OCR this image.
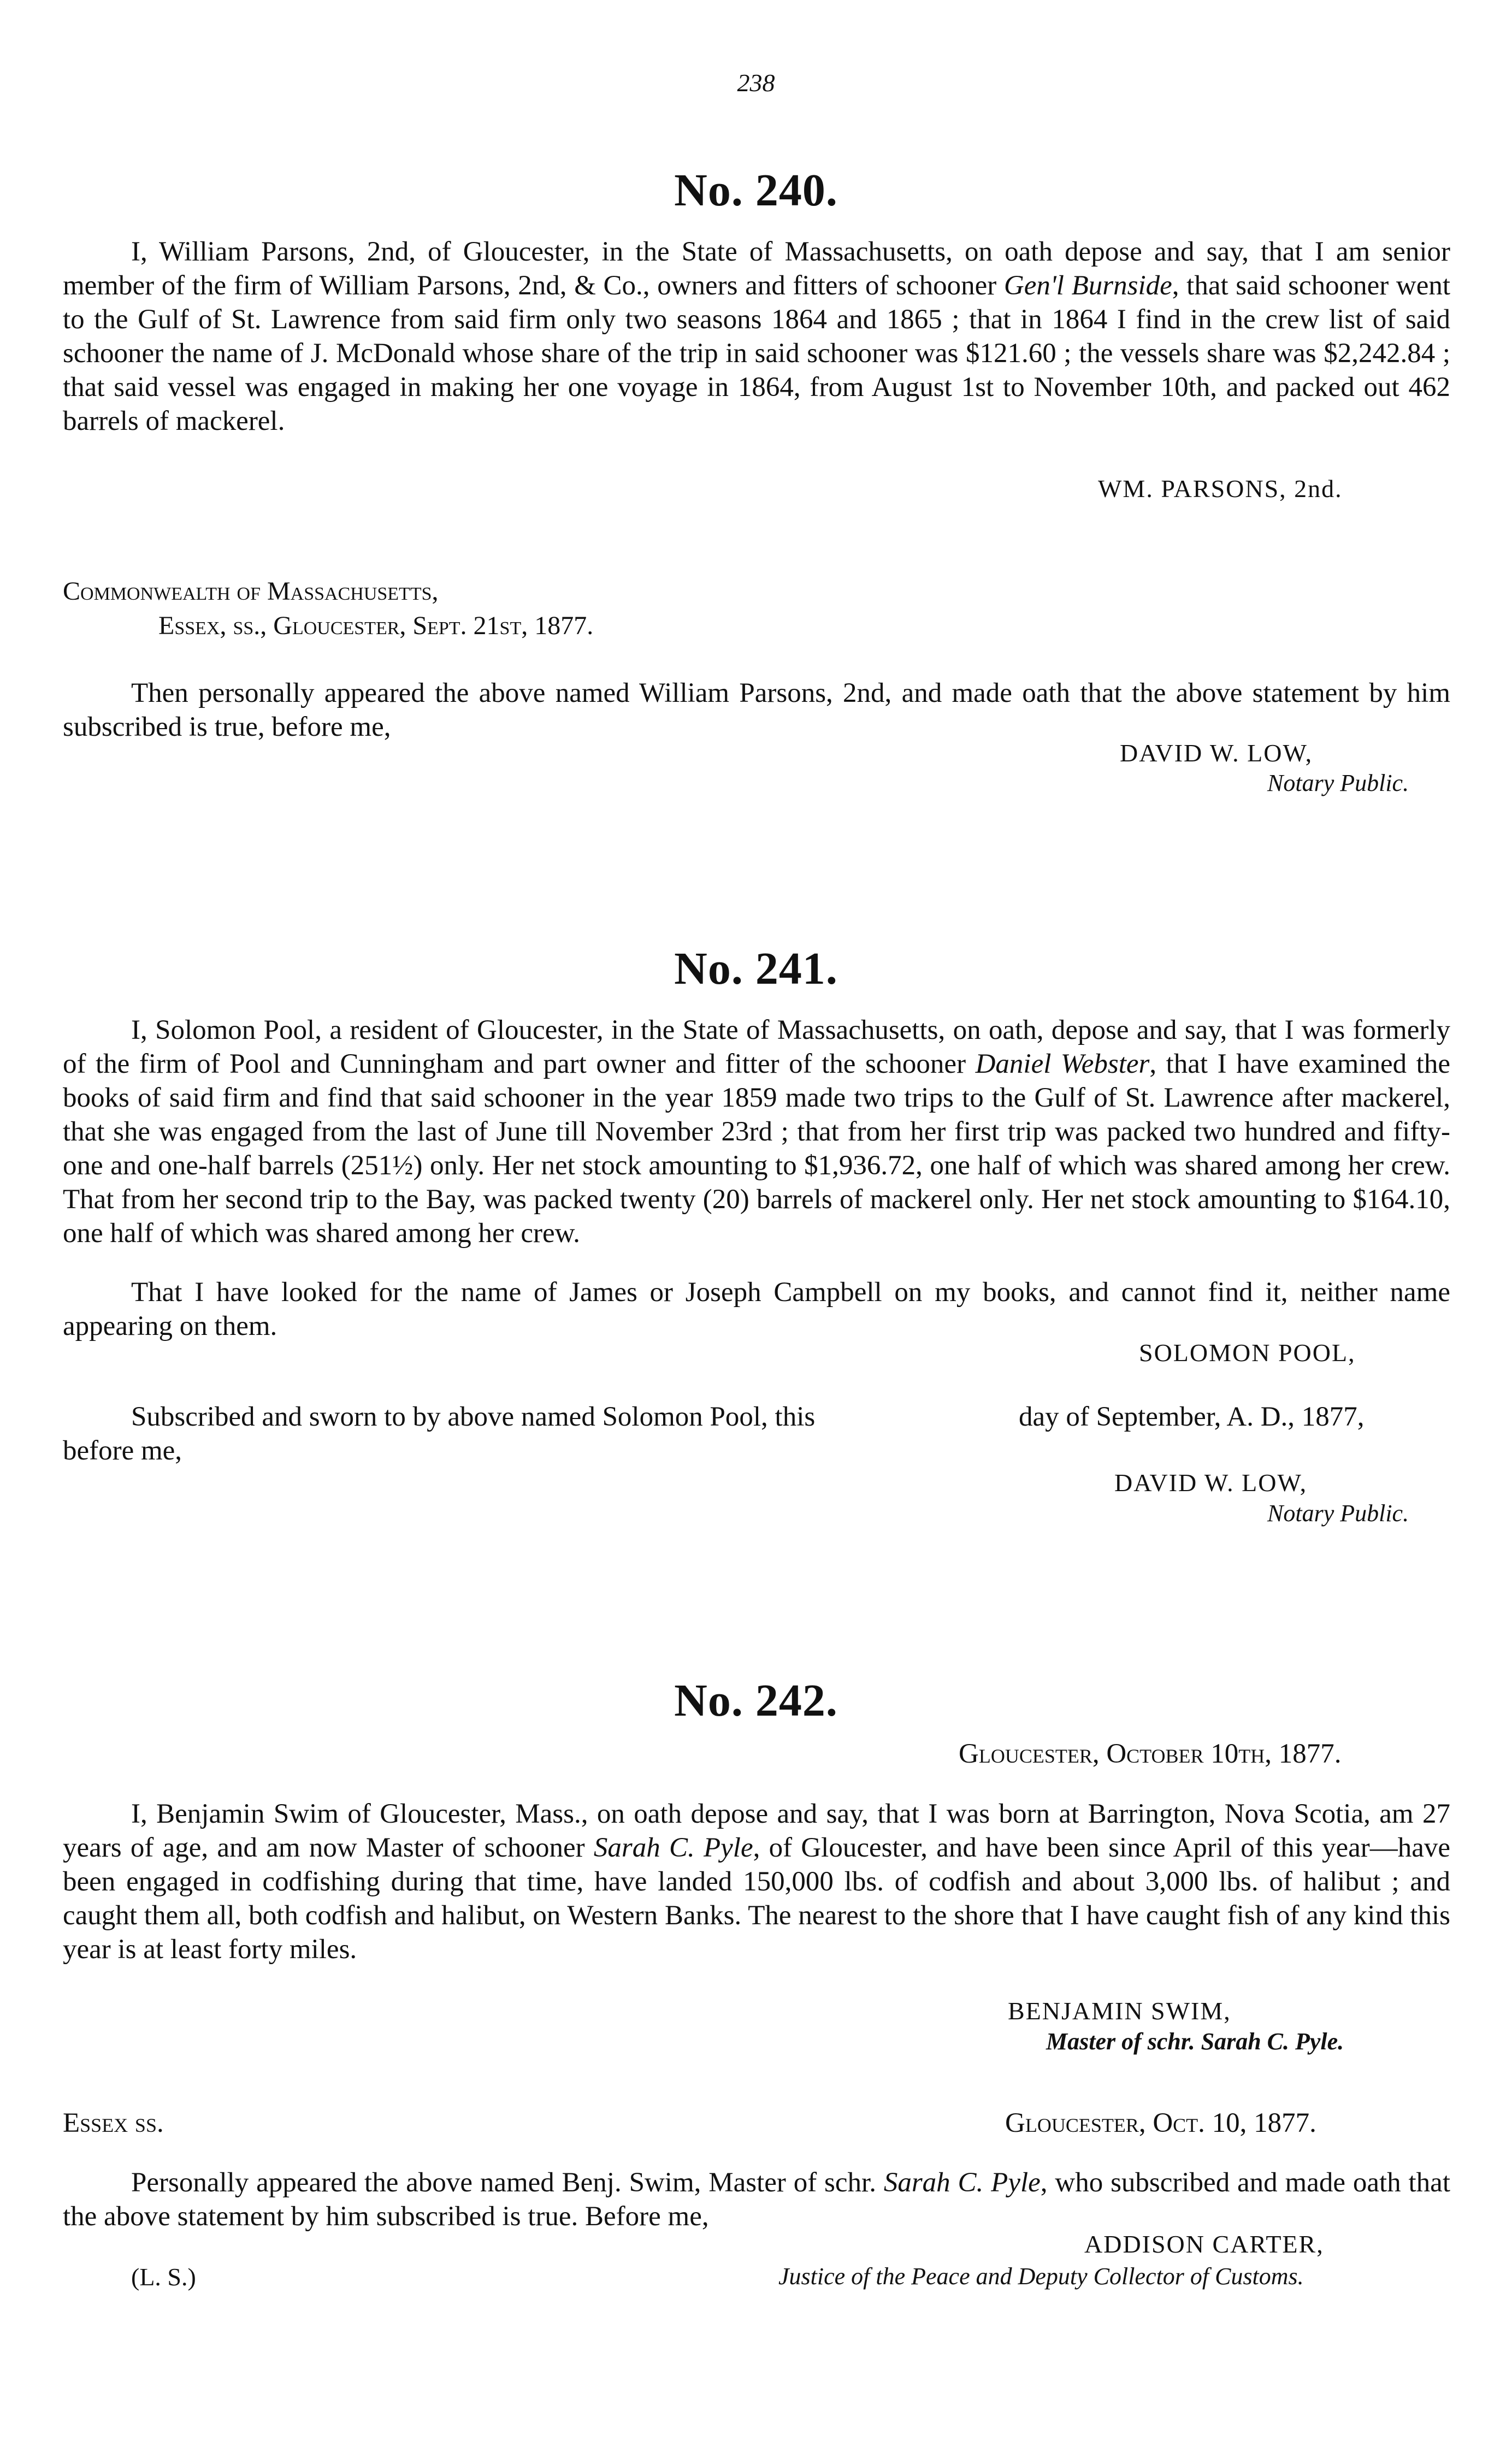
238
No. 240.

I, William Parsons, 2nd, of Gloucester, in the State of Massachusetts, on oath depose and say, that I am senior member of the firm of William Parsons, 2nd, & Co., owners and fitters of schooner Gen'l Burnside, that said schooner went to the Gulf of St. Lawrence from said firm only two seasons 1864 and 1865 ; that in 1864 I find in the crew list of said schooner the name of J. McDonald whose share of the trip in said schooner was $121.60 ; the vessels share was $2,242.84 ; that said vessel was engaged in making her one voyage in 1864, from August 1st to November 10th, and packed out 462 barrels of mackerel.

WM. PARSONS, 2nd.
Commonwealth of Massachusetts,
Essex, ss., Gloucester, Sept. 21st, 1877.

Then personally appeared the above named William Parsons, 2nd, and made oath that the above statement by him subscribed is true, before me,

DAVID W. LOW,
Notary Public.
No. 241.

I, Solomon Pool, a resident of Gloucester, in the State of Massachusetts, on oath, depose and say, that I was formerly of the firm of Pool and Cunningham and part owner and fitter of the schooner Daniel Webster, that I have examined the books of said firm and find that said schooner in the year 1859 made two trips to the Gulf of St. Lawrence after mackerel, that she was engaged from the last of June till November 23rd ; that from her first trip was packed two hundred and fifty-one and one-half barrels (251½) only. Her net stock amounting to $1,936.72, one half of which was shared among her crew. That from her second trip to the Bay, was packed twenty (20) barrels of mackerel only. Her net stock amounting to $164.10, one half of which was shared among her crew.

That I have looked for the name of James or Joseph Campbell on my books, and cannot find it, neither name appearing on them.

SOLOMON POOL,
Subscribed and sworn to by above named Solomon Pool, this	day of September, A. D., 1877,
before me,
DAVID W. LOW,
Notary Public.
No. 242.
Gloucester, October 10th, 1877.

I, Benjamin Swim of Gloucester, Mass., on oath depose and say, that I was born at Barrington, Nova Scotia, am 27 years of age, and am now Master of schooner Sarah C. Pyle, of Gloucester, and have been since April of this year—have been engaged in codfishing during that time, have landed 150,000 lbs. of codfish and about 3,000 lbs. of halibut ; and caught them all, both codfish and halibut, on Western Banks. The nearest to the shore that I have caught fish of any kind this year is at least forty miles.

BENJAMIN SWIM,
Master of schr. Sarah C. Pyle.
Essex ss.	Gloucester, Oct. 10, 1877.

Personally appeared the above named Benj. Swim, Master of schr. Sarah C. Pyle, who subscribed and made oath that the above statement by him subscribed is true. Before me,

ADDISON CARTER,
(L. S.)	Justice of the Peace and Deputy Collector of Customs.
